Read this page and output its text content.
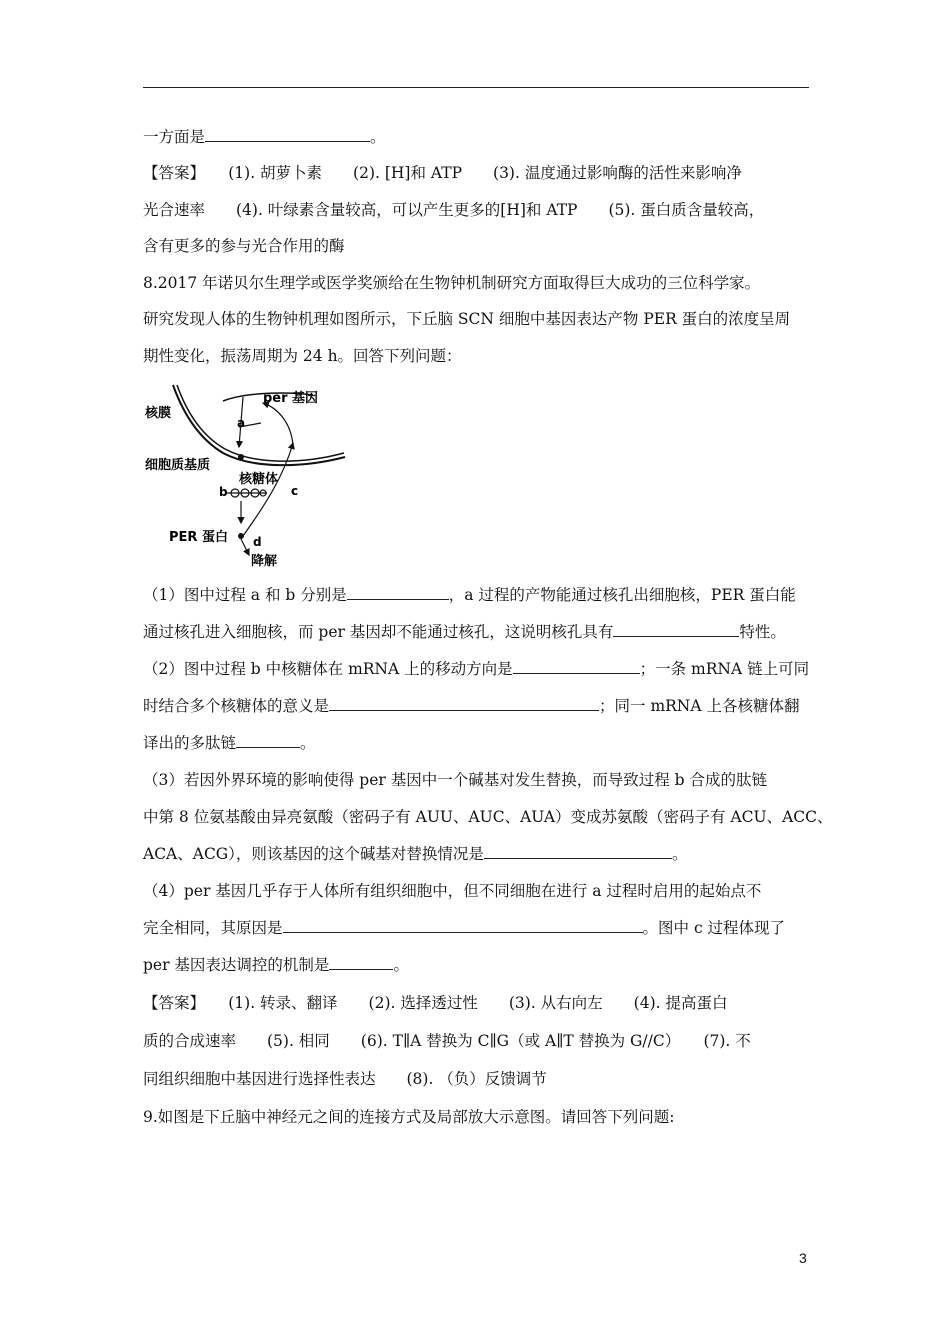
一方面是	。
【答案】　　(1). 胡萝卜素　　(2). [H]和 ATP　　(3). 温度通过影响酶的活性来影响净
光合速率　　(4). 叶绿素含量较高，可以产生更多的[H]和 ATP　　(5). 蛋白质含量较高，
含有更多的参与光合作用的酶
8.2017 年诺贝尔生理学或医学奖颁给在生物钟机制研究方面取得巨大成功的三位科学家。
研究发现人体的生物钟机理如图所示，下丘脑 SCN 细胞中基因表达产物 PER 蛋白的浓度呈周
期性变化，振荡周期为 24 h。回答下列问题：
per 基因
核膜
a
细胞质基质
核糖体
b	c
PER 蛋白 d
降解
（1）图中过程 a 和 b 分别是	，a 过程的产物能通过核孔出细胞核，PER 蛋白能
通过核孔进入细胞核，而 per 基因却不能通过核孔，这说明核孔具有	特性。
（2）图中过程 b 中核糖体在 mRNA 上的移动方向是	；一条 mRNA 链上可同
时结合多个核糖体的意义是	；同一 mRNA 上各核糖体翻
译出的多肽链	。
（3）若因外界环境的影响使得 per 基因中一个碱基对发生替换，而导致过程 b 合成的肽链
中第 8 位氨基酸由异亮氨酸（密码子有 AUU、AUC、AUA）变成苏氨酸（密码子有 ACU、ACC、
ACA、ACG），则该基因的这个碱基对替换情况是	。
（4）per 基因几乎存于人体所有组织细胞中，但不同细胞在进行 a 过程时启用的起始点不
完全相同，其原因是	。图中 c 过程体现了
per 基因表达调控的机制是	。
【答案】　　(1). 转录、翻译　　(2). 选择透过性　　(3). 从右向左　　(4). 提高蛋白
质的合成速率　　(5). 相同　　(6). T∥A 替换为 C∥G（或 A∥T 替换为 G//C）　　(7). 不
同组织细胞中基因进行选择性表达　　(8). （负）反馈调节
9.如图是下丘脑中神经元之间的连接方式及局部放大示意图。请回答下列问题:
3
